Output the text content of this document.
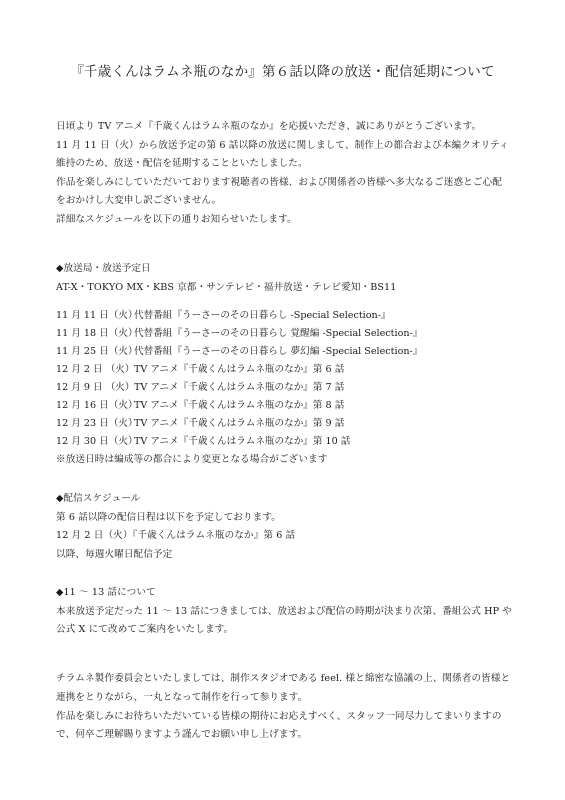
『千歳くんはラムネ瓶のなか』第６話以降の放送・配信延期について
日頃より TV アニメ『千歳くんはラムネ瓶のなか』を応援いただき、誠にありがとうございます。
11 月 11 日（火）から放送予定の第 6 話以降の放送に関しまして、制作上の都合および本編クオリティ
維持のため、放送・配信を延期することといたしました。
作品を楽しみにしていただいております視聴者の皆様、および関係者の皆様へ多大なるご迷惑とご心配
をおかけし大変申し訳ございません。
詳細なスケジュールを以下の通りお知らせいたします。
◆放送局・放送予定日
AT-X・TOKYO MX・KBS 京都・サンテレビ・福井放送・テレビ愛知・BS11
11 月 11 日（火）代替番組『うーさーのその日暮らし -Special Selection-』
11 月 18 日（火）代替番組『うーさーのその日暮らし 覚醒編 -Special Selection-』
11 月 25 日（火）代替番組『うーさーのその日暮らし 夢幻編 -Special Selection-』
12 月 2 日 （火）TV アニメ『千歳くんはラムネ瓶のなか』第 6 話
12 月 9 日 （火）TV アニメ『千歳くんはラムネ瓶のなか』第 7 話
12 月 16 日（火）TV アニメ『千歳くんはラムネ瓶のなか』第 8 話
12 月 23 日（火）TV アニメ『千歳くんはラムネ瓶のなか』第 9 話
12 月 30 日（火）TV アニメ『千歳くんはラムネ瓶のなか』第 10 話
※放送日時は編成等の都合により変更となる場合がございます
◆配信スケジュール
第 6 話以降の配信日程は以下を予定しております。
12 月 2 日（火）『千歳くんはラムネ瓶のなか』第 6 話
以降、毎週火曜日配信予定
◆11 ～ 13 話について
本来放送予定だった 11 ～ 13 話につきましては、放送および配信の時期が決まり次第、番組公式 HP や
公式 X にて改めてご案内をいたします。
チラムネ製作委員会といたしましては、制作スタジオである feel. 様と綿密な協議の上、関係者の皆様と
連携をとりながら、一丸となって制作を行って参ります。
作品を楽しみにお待ちいただいている皆様の期待にお応えすべく、スタッフ一同尽力してまいりますの
で、何卒ご理解賜りますよう謹んでお願い申し上げます。
